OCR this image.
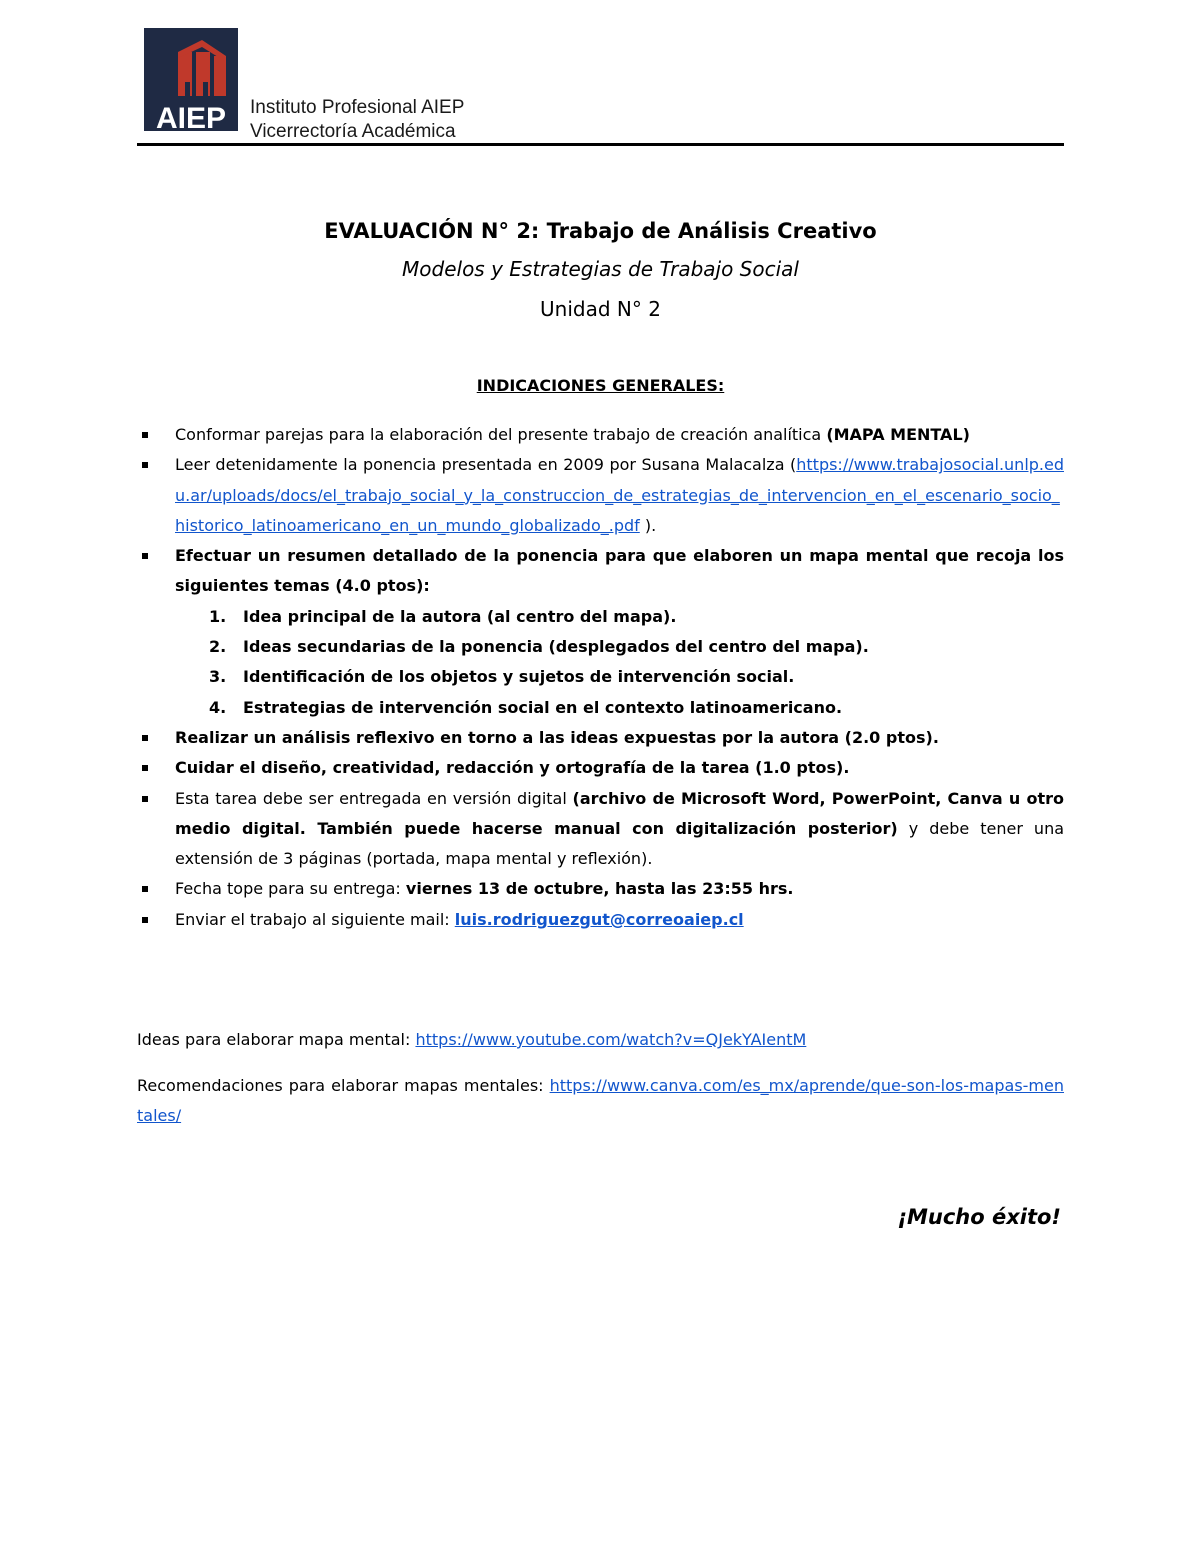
AIEP	Instituto Profesional AIEP
Vicerrectoría Académica
EVALUACIÓN N° 2: Trabajo de Análisis Creativo
Modelos y Estrategias de Trabajo Social
Unidad N° 2
INDICACIONES GENERALES:
Conformar parejas para la elaboración del presente trabajo de creación analítica (MAPA MENTAL)
Leer detenidamente la ponencia presentada en 2009 por Susana Malacalza (https://www.trabajosocial.unlp.edu.ar/uploads/docs/el_trabajo_social_y_la_construccion_de_estrategias_de_intervencion_en_el_escenario_socio_historico_latinoamericano_en_un_mundo_globalizado_.pdf ).
Efectuar un resumen detallado de la ponencia para que elaboren un mapa mental que recoja los siguientes temas (4.0 ptos):
1. Idea principal de la autora (al centro del mapa).
2. Ideas secundarias de la ponencia (desplegados del centro del mapa).
3. Identificación de los objetos y sujetos de intervención social.
4. Estrategias de intervención social en el contexto latinoamericano.
Realizar un análisis reflexivo en torno a las ideas expuestas por la autora (2.0 ptos).
Cuidar el diseño, creatividad, redacción y ortografía de la tarea (1.0 ptos).
Esta tarea debe ser entregada en versión digital (archivo de Microsoft Word, PowerPoint, Canva u otro medio digital. También puede hacerse manual con digitalización posterior) y debe tener una extensión de 3 páginas (portada, mapa mental y reflexión).
Fecha tope para su entrega: viernes 13 de octubre, hasta las 23:55 hrs.
Enviar el trabajo al siguiente mail: luis.rodriguezgut@correoaiep.cl
Ideas para elaborar mapa mental: https://www.youtube.com/watch?v=QJekYAIentM
Recomendaciones para elaborar mapas mentales: https://www.canva.com/es_mx/aprende/que-son-los-mapas-mentales/
¡Mucho éxito!
